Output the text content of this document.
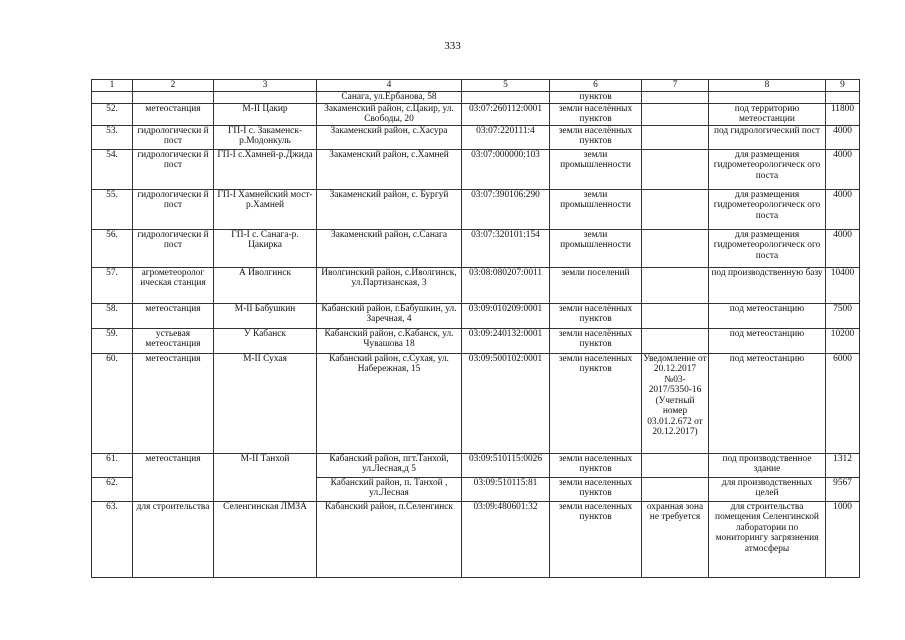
333
1	2	3	4	5	6	7	8	9
			Санага, ул.Ербанова, 58		пунктов			
52.	метеостанция	М-II Цакир	Закаменский район, с.Цакир, ул. Свободы, 20	03:07:260112:0001	земли населённых пунктов		под территорию метеостанции	11800
53.	гидрологически й пост	ГП-I с. Закаменск-р.Модонкуль	Закаменский район, с.Хасура	03:07:220111:4	земли населённых пунктов		под гидрологический пост	4000
54.	гидрологически й пост	ГП-I с.Хамней-р.Джида	Закаменский район, с.Хамней	03:07:000000:103	земли промышленности		для размещения гидрометеорологическ ого поста	4000
55.	гидрологически й пост	ГП-I Хамнейский мост-р.Хамней	Закаменский район, с. Бургуй	03:07:390106:290	земли промышленности		для размещения гидрометеорологическ ого поста	4000
56.	гидрологически й пост	ГП-I с. Санага-р. Цакирка	Закаменский район, с.Санага	03:07:320101:154	земли промышленности		для размещения гидрометеорологическ ого поста	4000
57.	агрометеоролог ическая станция	А Иволгинск	Иволгинский район, с.Иволгинск, ул.Партизанская, 3	03:08:080207:0011	земли поселений		под производственную базу	10400
58.	метеостанция	М-II Бабушкин	Кабанский район, г.Бабушкин, ул. Заречная, 4	03:09:010209:0001	земли населённых пунктов		под метеостанцию	7500
59.	устьевая метеостанция	У Кабанск	Кабанский район, с.Кабанск, ул. Чувашова 18	03:09:240132:0001	земли населённых пунктов		под метеостанцию	10200
60.	метеостанция	М-II Сухая	Кабанский район, с.Сухая, ул. Набережная, 15	03:09:500102:0001	земли населенных пунктов	Уведомление от 20.12.2017 №03-2017/5350-16 (Учетный номер 03.01.2.672 от 20.12.2017)	под метеостанцию	6000
61.	метеостанция	М-II Танхой	Кабанский район, пгт.Танхой, ул.Лесная,д 5	03:09:510115:0026	земли населенных пунктов		под производственное здание	1312
62.			Кабанский район, п. Танхой , ул.Лесная	03:09:510115:81	земли населенных пунктов		для производственных целей	9567
63.	для строительства	Селенгинская ЛМЗА	Кабанский район, п.Селенгинск	03:09:480601:32	земли населенных пунктов	охранная зона не требуется	для строительства помещения Селенгинской лаборатории по мониторингу загрязнения атмосферы	1000
